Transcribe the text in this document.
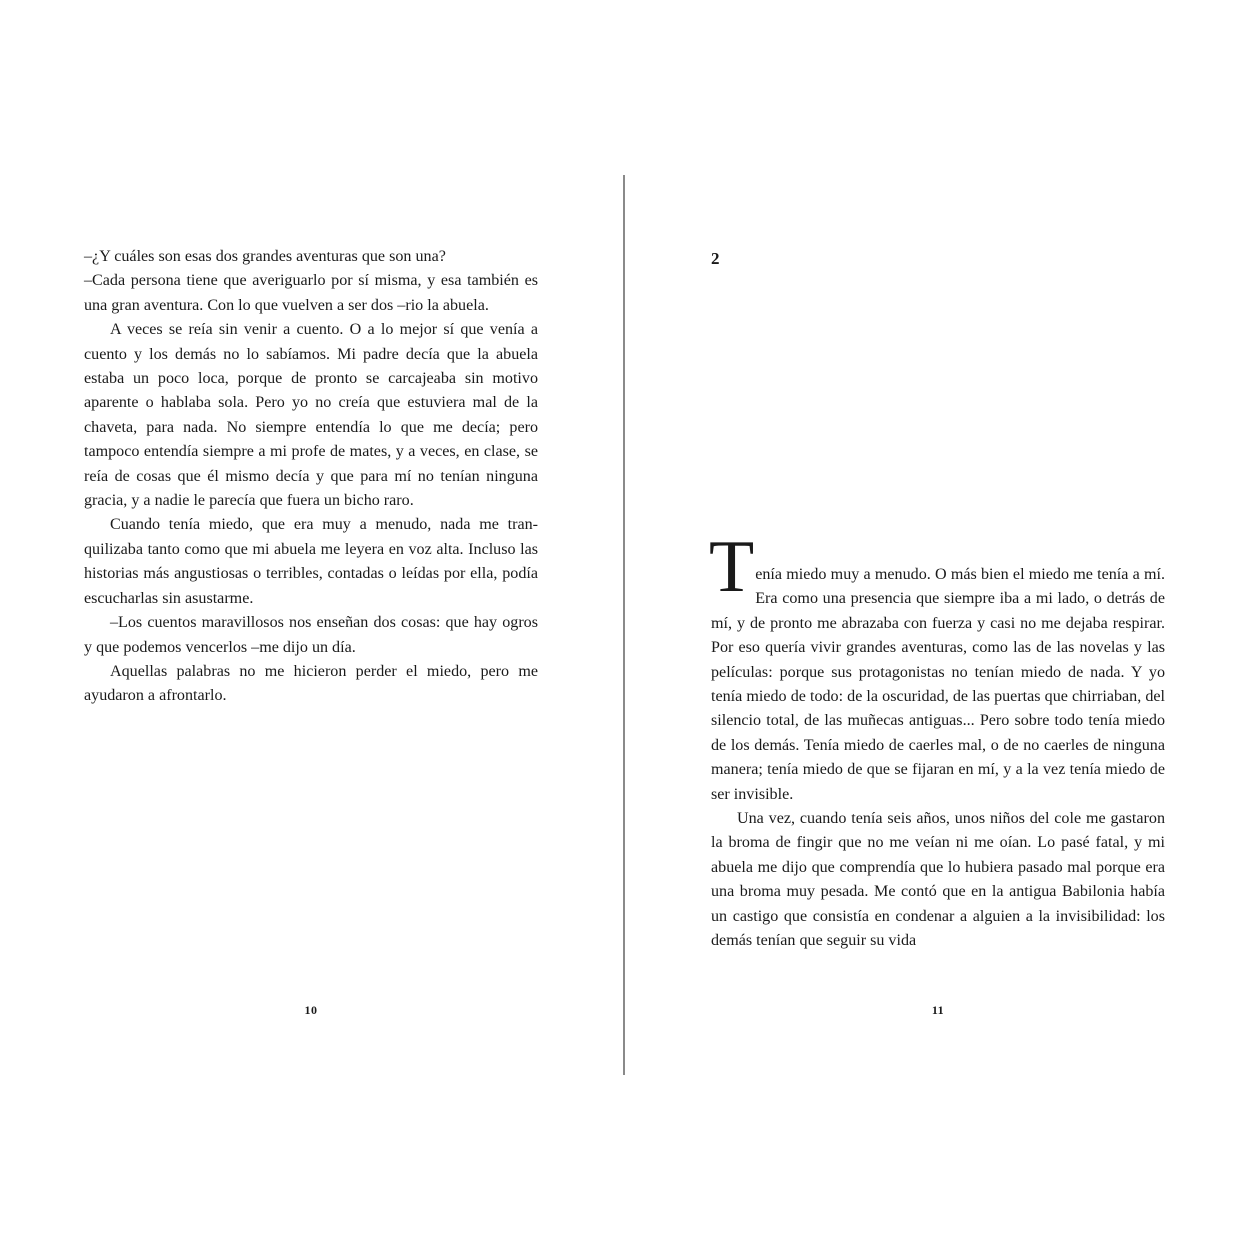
–¿Y cuáles son esas dos grandes aventuras que son una?

–Cada persona tiene que averiguarlo por sí misma, y esa también es una gran aventura. Con lo que vuelven a ser dos –rio la abuela.

A veces se reía sin venir a cuento. O a lo mejor sí que venía a cuento y los demás no lo sabíamos. Mi padre decía que la abuela estaba un poco loca, porque de pronto se carcajeaba sin motivo aparente o hablaba sola. Pero yo no creía que estuviera mal de la chaveta, para nada. No siempre entendía lo que me decía; pero tampoco entendía siempre a mi profe de mates, y a veces, en clase, se reía de cosas que él mismo decía y que para mí no tenían ninguna gracia, y a nadie le parecía que fuera un bicho raro.

Cuando tenía miedo, que era muy a menudo, nada me tranquilizaba tanto como que mi abuela me leyera en voz alta. Incluso las historias más angustiosas o terribles, contadas o leídas por ella, podía escucharlas sin asustarme.

–Los cuentos maravillosos nos enseñan dos cosas: que hay ogros y que podemos vencerlos –me dijo un día.

Aquellas palabras no me hicieron perder el miedo, pero me ayudaron a afrontarlo.

10
2

Tenía miedo muy a menudo. O más bien el miedo me tenía a mí. Era como una presencia que siempre iba a mi lado, o detrás de mí, y de pronto me abrazaba con fuerza y casi no me dejaba respirar. Por eso quería vivir grandes aventuras, como las de las novelas y las películas: porque sus protagonistas no tenían miedo de nada. Y yo tenía miedo de todo: de la oscuridad, de las puertas que chirriaban, del silencio total, de las muñecas antiguas... Pero sobre todo tenía miedo de los demás. Tenía miedo de caerles mal, o de no caerles de ninguna manera; tenía miedo de que se fijaran en mí, y a la vez tenía miedo de ser invisible.

Una vez, cuando tenía seis años, unos niños del cole me gastaron la broma de fingir que no me veían ni me oían. Lo pasé fatal, y mi abuela me dijo que comprendía que lo hubiera pasado mal porque era una broma muy pesada. Me contó que en la antigua Babilonia había un castigo que consistía en condenar a alguien a la invisibilidad: los demás tenían que seguir su vida

11
